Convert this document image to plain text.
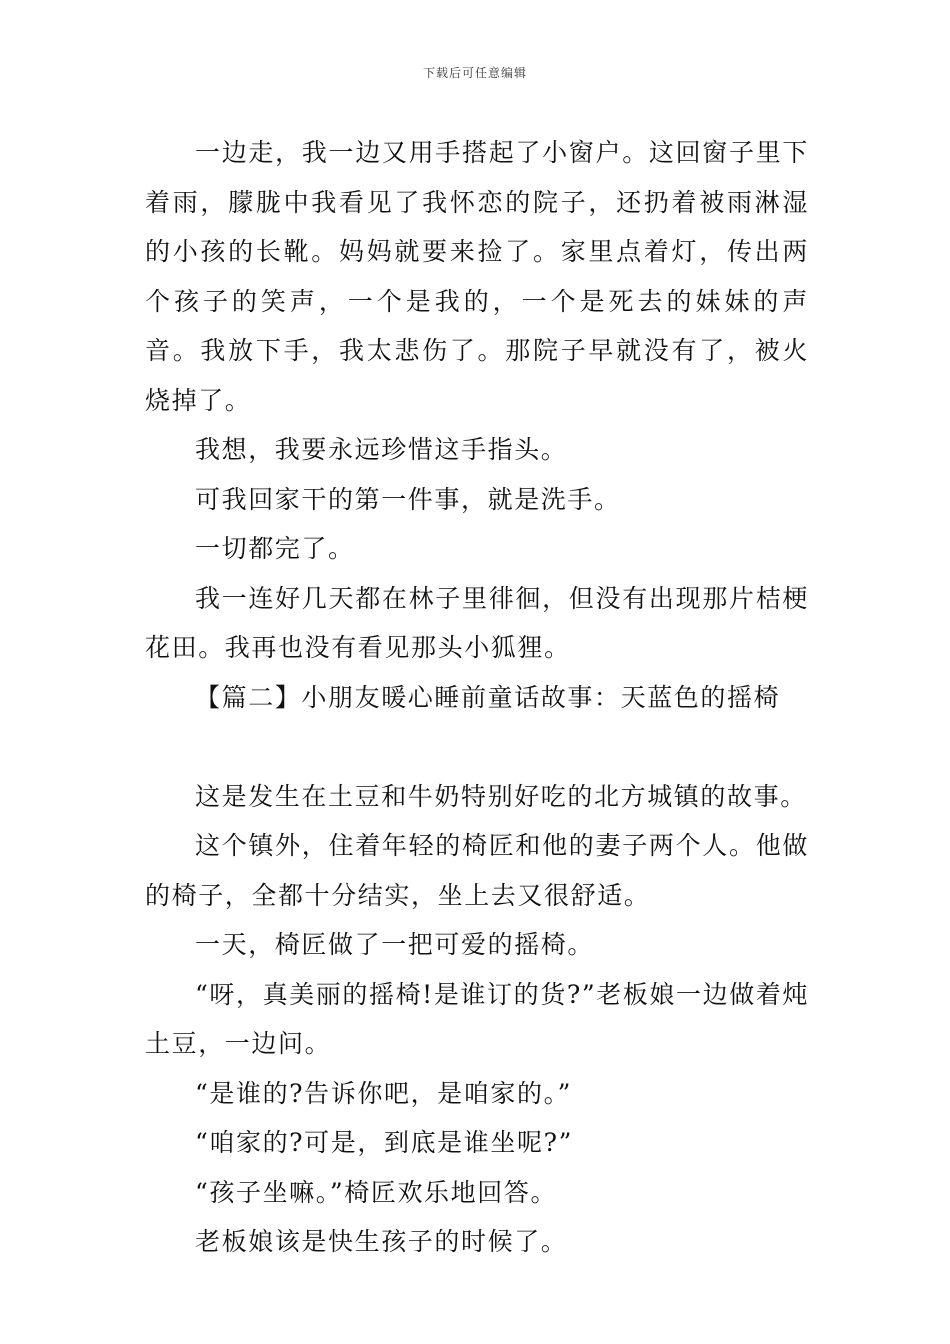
下载后可任意编辑

一边走，我一边又用手搭起了小窗户。这回窗子里下着雨，朦胧中我看见了我怀恋的院子，还扔着被雨淋湿的小孩的长靴。妈妈就要来捡了。家里点着灯，传出两个孩子的笑声，一个是我的，一个是死去的妹妹的声音。我放下手，我太悲伤了。那院子早就没有了，被火烧掉了。

我想，我要永远珍惜这手指头。

可我回家干的第一件事，就是洗手。

一切都完了。

我一连好几天都在林子里徘徊，但没有出现那片桔梗花田。我再也没有看见那头小狐狸。

【篇二】小朋友暖心睡前童话故事：天蓝色的摇椅

这是发生在土豆和牛奶特别好吃的北方城镇的故事。

这个镇外，住着年轻的椅匠和他的妻子两个人。他做的椅子，全都十分结实，坐上去又很舒适。

一天，椅匠做了一把可爱的摇椅。

“呀，真美丽的摇椅!是谁订的货?”老板娘一边做着炖土豆，一边问。

“是谁的?告诉你吧，是咱家的。”

“咱家的?可是，到底是谁坐呢?”

“孩子坐嘛。”椅匠欢乐地回答。

老板娘该是快生孩子的时候了。
